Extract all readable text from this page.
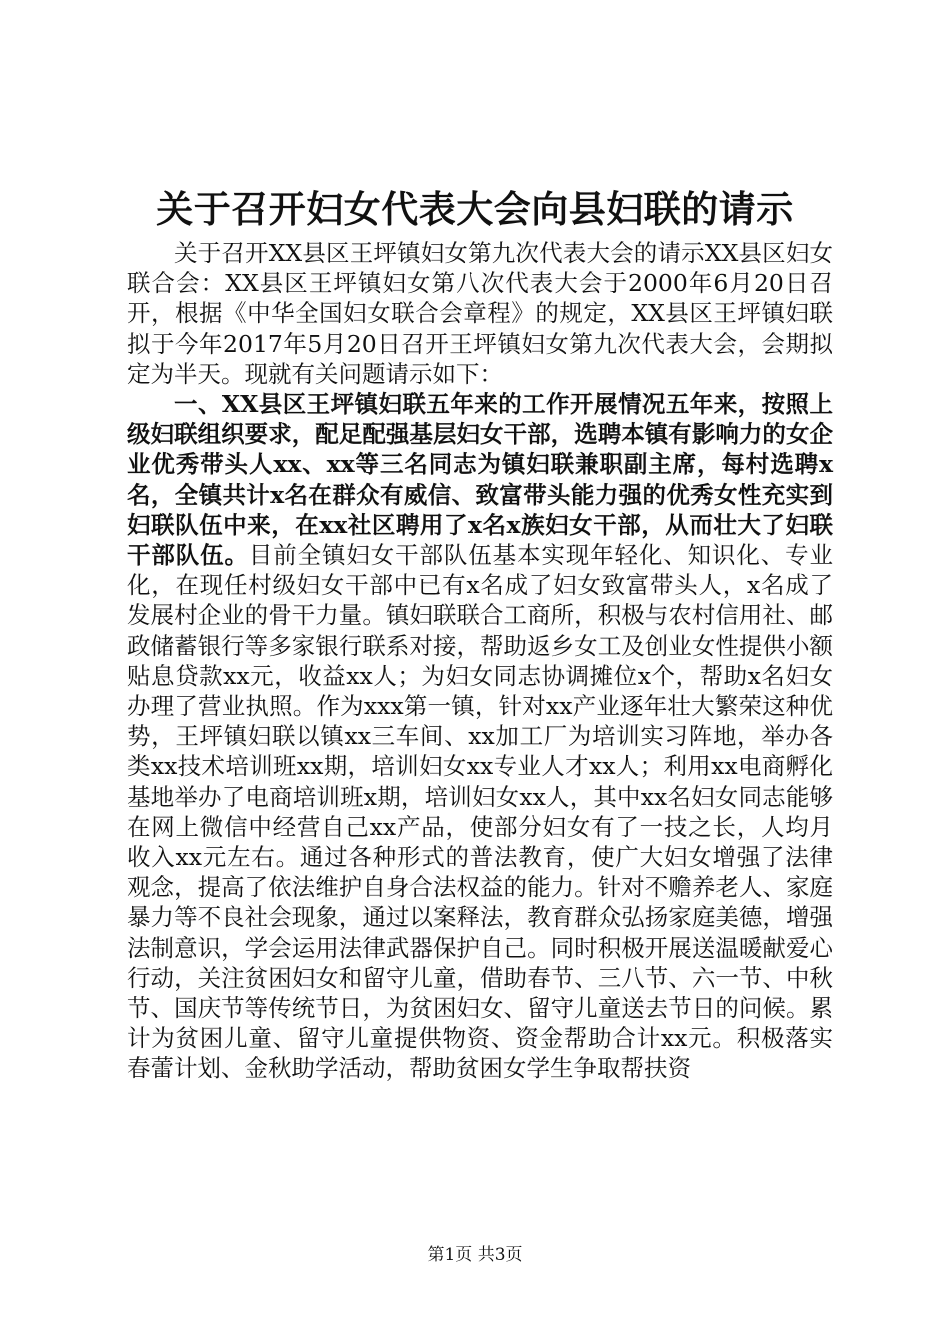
关于召开妇女代表大会向县妇联的请示

关于召开XX县区王坪镇妇女第九次代表大会的请示XX县区妇女联合会：XX县区王坪镇妇女第八次代表大会于2000年6月20日召开，根据《中华全国妇女联合会章程》的规定，XX县区王坪镇妇联拟于今年2017年5月20日召开王坪镇妇女第九次代表大会，会期拟定为半天。现就有关问题请示如下：

一、XX县区王坪镇妇联五年来的工作开展情况五年来，按照上级妇联组织要求，配足配强基层妇女干部，选聘本镇有影响力的女企业优秀带头人xx、xx等三名同志为镇妇联兼职副主席，每村选聘x名，全镇共计x名在群众有威信、致富带头能力强的优秀女性充实到妇联队伍中来，在xx社区聘用了x名x族妇女干部，从而壮大了妇联干部队伍。目前全镇妇女干部队伍基本实现年轻化、知识化、专业化，在现任村级妇女干部中已有x名成了妇女致富带头人，x名成了发展村企业的骨干力量。镇妇联联合工商所，积极与农村信用社、邮政储蓄银行等多家银行联系对接，帮助返乡女工及创业女性提供小额贴息贷款xx元，收益xx人；为妇女同志协调摊位x个，帮助x名妇女办理了营业执照。作为xxx第一镇，针对xx产业逐年壮大繁荣这种优势，王坪镇妇联以镇xx三车间、xx加工厂为培训实习阵地，举办各类xx技术培训班xx期，培训妇女xx专业人才xx人；利用xx电商孵化基地举办了电商培训班x期，培训妇女xx人，其中xx名妇女同志能够在网上微信中经营自己xx产品，使部分妇女有了一技之长，人均月收入xx元左右。通过各种形式的普法教育，使广大妇女增强了法律观念，提高了依法维护自身合法权益的能力。针对不赡养老人、家庭暴力等不良社会现象，通过以案释法，教育群众弘扬家庭美德，增强法制意识，学会运用法律武器保护自己。同时积极开展送温暖献爱心行动，关注贫困妇女和留守儿童，借助春节、三八节、六一节、中秋节、国庆节等传统节日，为贫困妇女、留守儿童送去节日的问候。累计为贫困儿童、留守儿童提供物资、资金帮助合计xx元。积极落实春蕾计划、金秋助学活动，帮助贫困女学生争取帮扶资

第1页 共3页
